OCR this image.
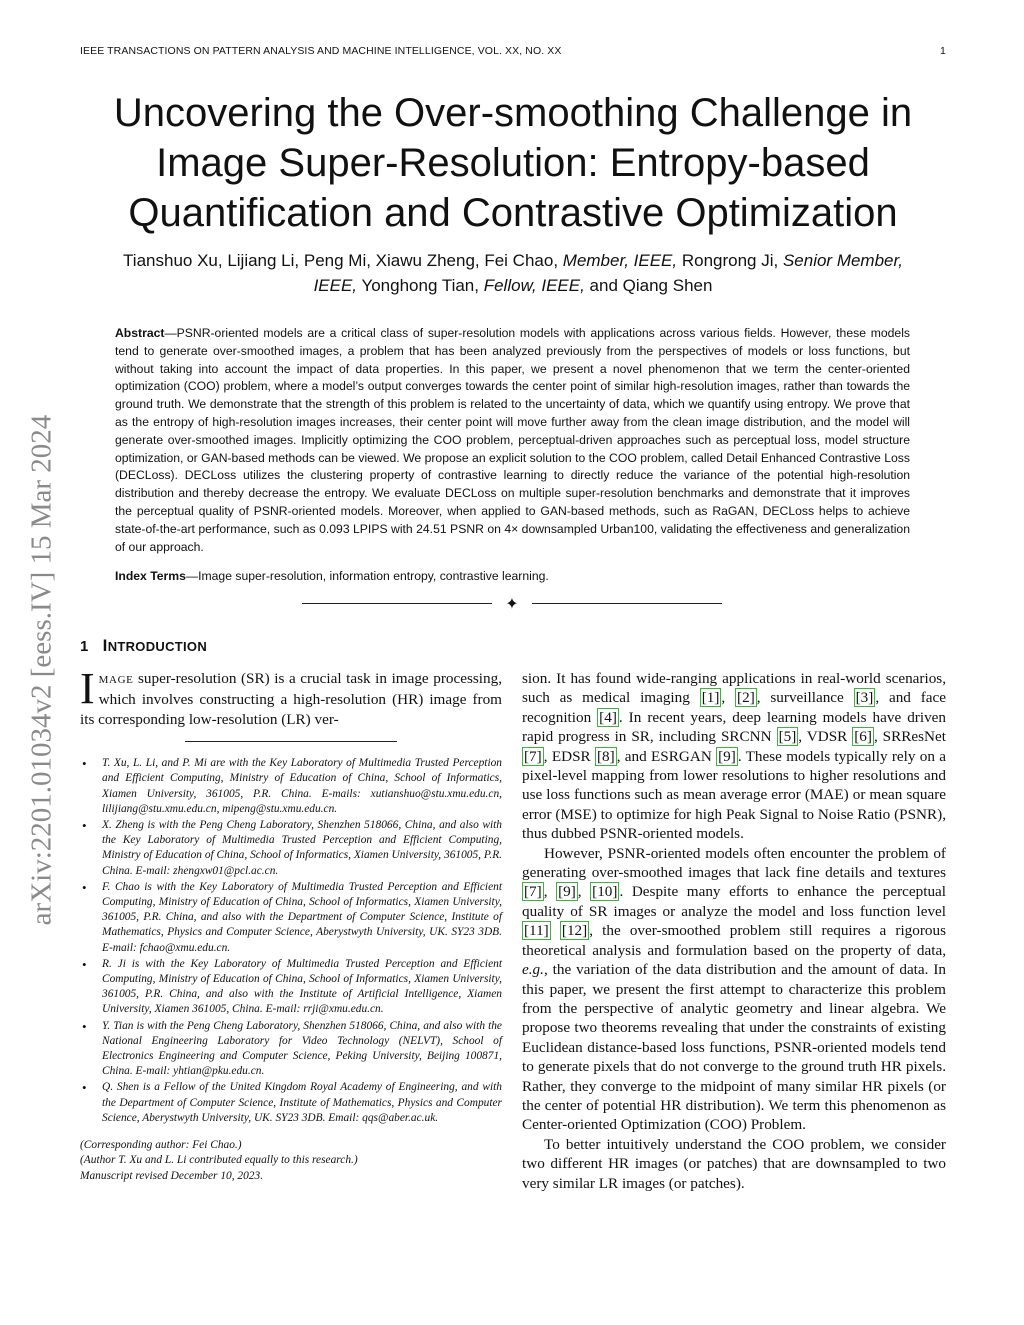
IEEE TRANSACTIONS ON PATTERN ANALYSIS AND MACHINE INTELLIGENCE, VOL. XX, NO. XX	1
arXiv:2201.01034v2 [eess.IV] 15 Mar 2024
Uncovering the Over-smoothing Challenge in
Image Super-Resolution: Entropy-based
Quantification and Contrastive Optimization
Tianshuo Xu, Lijiang Li, Peng Mi, Xiawu Zheng, Fei Chao, Member, IEEE, Rongrong Ji, Senior Member, IEEE, Yonghong Tian, Fellow, IEEE, and Qiang Shen
Abstract—PSNR-oriented models are a critical class of super-resolution models with applications across various fields. However, these models tend to generate over-smoothed images, a problem that has been analyzed previously from the perspectives of models or loss functions, but without taking into account the impact of data properties. In this paper, we present a novel phenomenon that we term the center-oriented optimization (COO) problem, where a model’s output converges towards the center point of similar high-resolution images, rather than towards the ground truth. We demonstrate that the strength of this problem is related to the uncertainty of data, which we quantify using entropy. We prove that as the entropy of high-resolution images increases, their center point will move further away from the clean image distribution, and the model will generate over-smoothed images. Implicitly optimizing the COO problem, perceptual-driven approaches such as perceptual loss, model structure optimization, or GAN-based methods can be viewed. We propose an explicit solution to the COO problem, called Detail Enhanced Contrastive Loss (DECLoss). DECLoss utilizes the clustering property of contrastive learning to directly reduce the variance of the potential high-resolution distribution and thereby decrease the entropy. We evaluate DECLoss on multiple super-resolution benchmarks and demonstrate that it improves the perceptual quality of PSNR-oriented models. Moreover, when applied to GAN-based methods, such as RaGAN, DECLoss helps to achieve state-of-the-art performance, such as 0.093 LPIPS with 24.51 PSNR on 4× downsampled Urban100, validating the effectiveness and generalization of our approach.
Index Terms—Image super-resolution, information entropy, contrastive learning.
✦
1 INTRODUCTION

IMAGE super-resolution (SR) is a crucial task in image processing, which involves constructing a high-resolution (HR) image from its corresponding low-resolution (LR) ver-

• T. Xu, L. Li, and P. Mi are with the Key Laboratory of Multimedia Trusted Perception and Efficient Computing, Ministry of Education of China, School of Informatics, Xiamen University, 361005, P.R. China. E-mails: xutianshuo@stu.xmu.edu.cn, lilijiang@stu.xmu.edu.cn, mipeng@stu.xmu.edu.cn.
• X. Zheng is with the Peng Cheng Laboratory, Shenzhen 518066, China, and also with the Key Laboratory of Multimedia Trusted Perception and Efficient Computing, Ministry of Education of China, School of Informatics, Xiamen University, 361005, P.R. China. E-mail: zhengxw01@pcl.ac.cn.
• F. Chao is with the Key Laboratory of Multimedia Trusted Perception and Efficient Computing, Ministry of Education of China, School of Informatics, Xiamen University, 361005, P.R. China, and also with the Department of Computer Science, Institute of Mathematics, Physics and Computer Science, Aberystwyth University, UK. SY23 3DB. E-mail: fchao@xmu.edu.cn.
• R. Ji is with the Key Laboratory of Multimedia Trusted Perception and Efficient Computing, Ministry of Education of China, School of Informatics, Xiamen University, 361005, P.R. China, and also with the Institute of Artificial Intelligence, Xiamen University, Xiamen 361005, China. E-mail: rrji@xmu.edu.cn.
• Y. Tian is with the Peng Cheng Laboratory, Shenzhen 518066, China, and also with the National Engineering Laboratory for Video Technology (NELVT), School of Electronics Engineering and Computer Science, Peking University, Beijing 100871, China. E-mail: yhtian@pku.edu.cn.
• Q. Shen is a Fellow of the United Kingdom Royal Academy of Engineering, and with the Department of Computer Science, Institute of Mathematics, Physics and Computer Science, Aberystwyth University, UK. SY23 3DB. Email: qqs@aber.ac.uk.
(Corresponding author: Fei Chao.)
(Author T. Xu and L. Li contributed equally to this research.)
Manuscript revised December 10, 2023.

sion. It has found wide-ranging applications in real-world scenarios, such as medical imaging [1] , [2] , surveillance [3] , and face recognition [4] . In recent years, deep learning models have driven rapid progress in SR, including SRCNN [5] , VDSR [6] , SRResNet [7] , EDSR [8] , and ESRGAN [9] . These models typically rely on a pixel-level mapping from lower resolutions to higher resolutions and use loss functions such as mean average error (MAE) or mean square error (MSE) to optimize for high Peak Signal to Noise Ratio (PSNR), thus dubbed PSNR-oriented models.

However, PSNR-oriented models often encounter the problem of generating over-smoothed images that lack fine details and textures [7] , [9] , [10] . Despite many efforts to enhance the perceptual quality of SR images or analyze the model and loss function level [11] [12] , the over-smoothed problem still requires a rigorous theoretical analysis and formulation based on the property of data, e.g., the variation of the data distribution and the amount of data. In this paper, we present the first attempt to characterize this problem from the perspective of analytic geometry and linear algebra. We propose two theorems revealing that under the constraints of existing Euclidean distance-based loss functions, PSNR-oriented models tend to generate pixels that do not converge to the ground truth HR pixels. Rather, they converge to the midpoint of many similar HR pixels (or the center of potential HR distribution). We term this phenomenon as Center-oriented Optimization (COO) Problem.

To better intuitively understand the COO problem, we consider two different HR images (or patches) that are downsampled to two very similar LR images (or patches).
